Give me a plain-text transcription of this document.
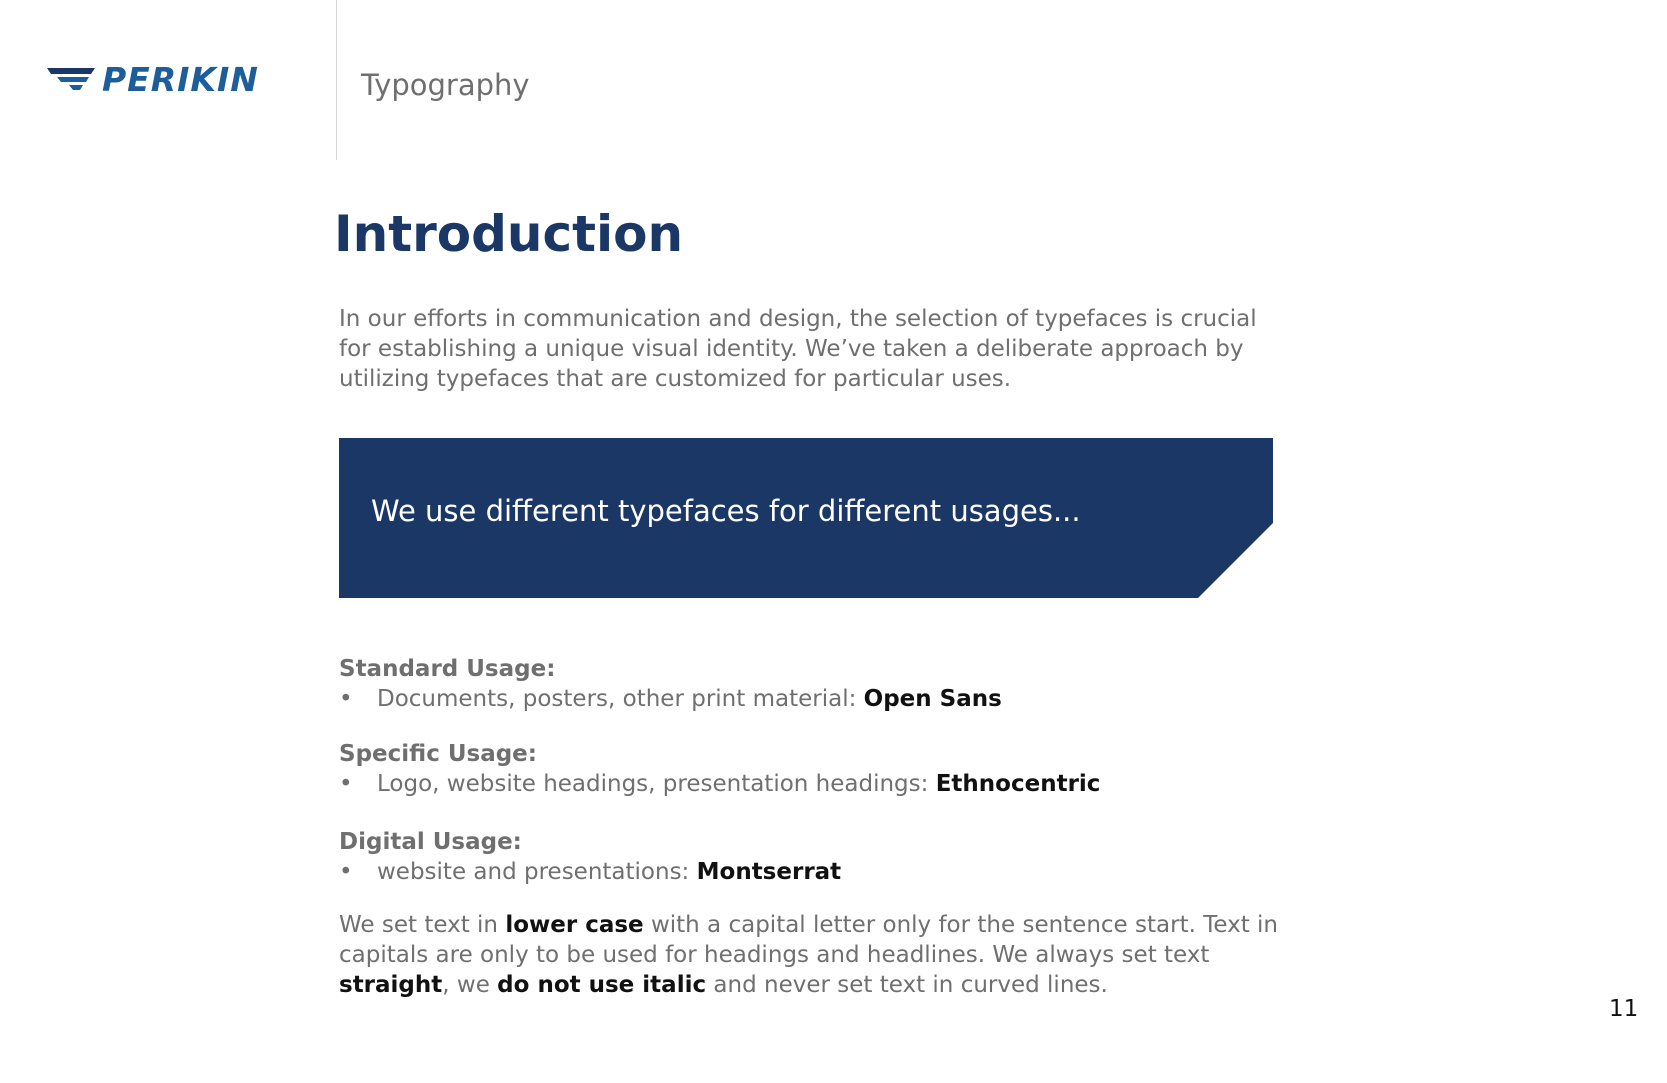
PERIKIN	Typography
Introduction

In our efforts in communication and design, the selection of typefaces is crucial for establishing a unique visual identity. We’ve taken a deliberate approach by utilizing typefaces that are customized for particular uses.

We use different typefaces for different usages...
Standard Usage:
• Documents, posters, other print material: Open Sans
Specific Usage:
• Logo, website headings, presentation headings: Ethnocentric
Digital Usage:
• website and presentations: Montserrat

We set text in lower case with a capital letter only for the sentence start. Text in capitals are only to be used for headings and headlines. We always set text straight, we do not use italic and never set text in curved lines.

11
